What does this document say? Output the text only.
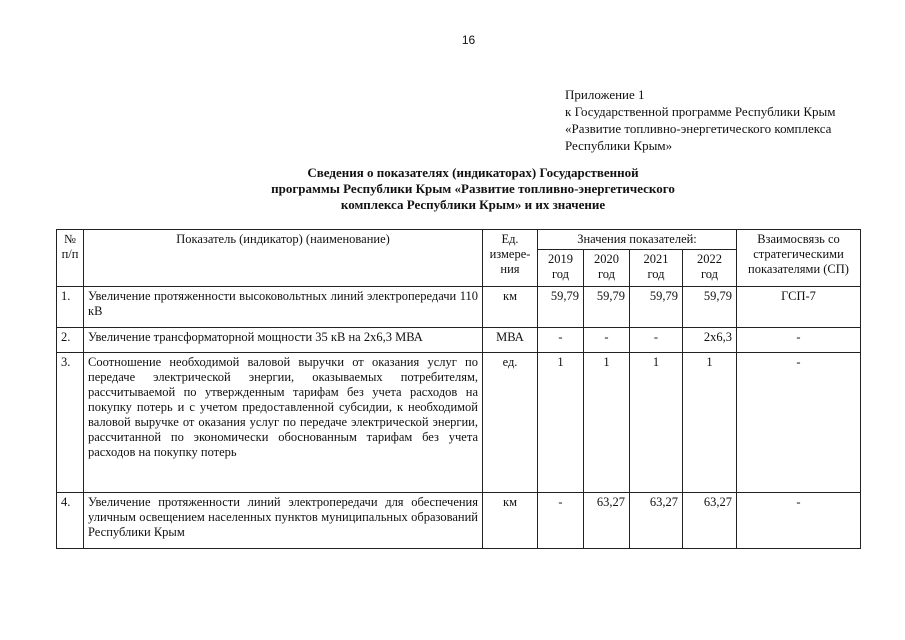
16
Приложение 1
к Государственной программе Республики Крым
«Развитие топливно-энергетического комплекса
Республики Крым»
Сведения о показателях (индикаторах) Государственной
программы Республики Крым «Развитие топливно-энергетического
комплекса Республики Крым» и их значение
№ п/п	Показатель (индикатор) (наименование)	Ед. измере-ния	Значения показателей:				Взаимосвязь со стратегическими показателями (СП)
			2019 год	2020 год	2021 год	2022 год	
1.	Увеличение протяженности высоковольтных линий электропередачи 110 кВ	км	59,79	59,79	59,79	59,79	ГСП-7
2.	Увеличение трансформаторной мощности 35 кВ на 2х6,3 МВА	МВА	-	-	-	2х6,3	-
3.	Соотношение необходимой валовой выручки от оказания услуг по передаче электрической энергии, оказываемых потребителям, рассчитываемой по утвержденным тарифам без учета расходов на покупку потерь и с учетом предоставленной субсидии, к необходимой валовой выручке от оказания услуг по передаче электрической энергии, рассчитанной по экономически обоснованным тарифам без учета расходов на покупку потерь	ед.	1	1	1	1	-
4.	Увеличение протяженности линий электропередачи для обеспечения уличным освещением населенных пунктов муниципальных образований Республики Крым	км	-	63,27	63,27	63,27	-
